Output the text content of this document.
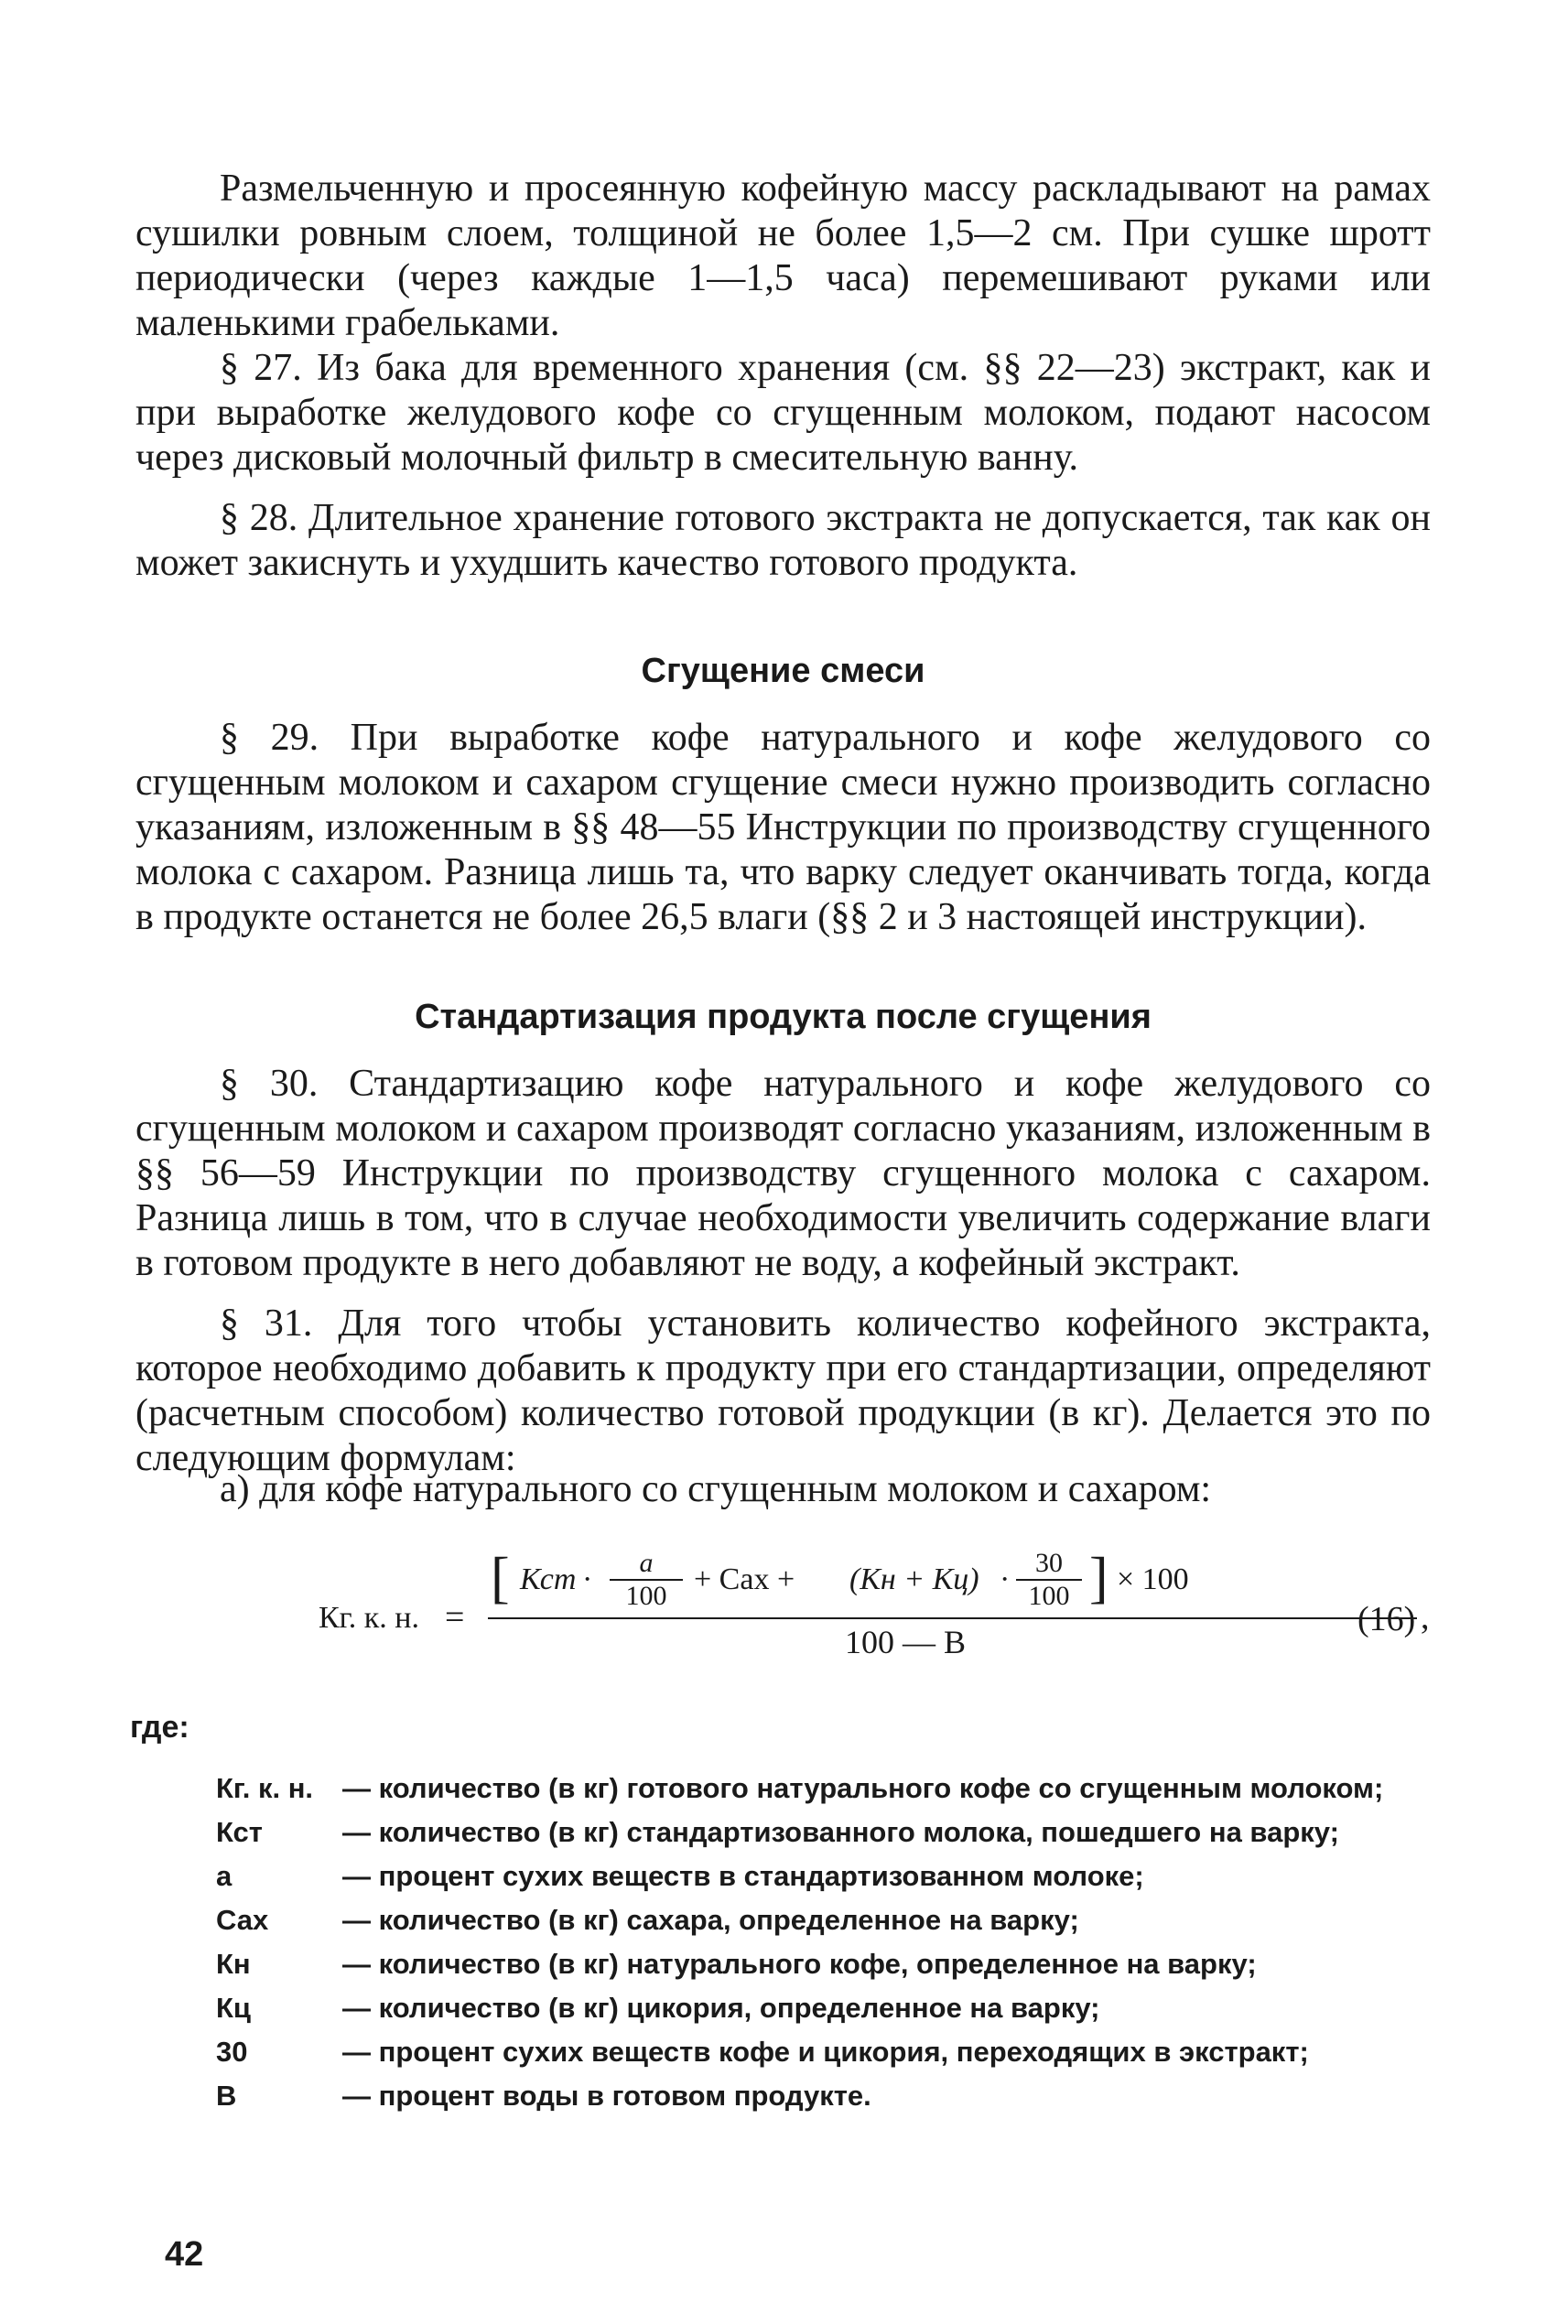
Размельченную и просеянную кофейную массу раскладывают на рамах сушилки ровным слоем, толщиной не более 1,5—2 см. При сушке шротт периодически (через каждые 1—1,5 часа) перемешивают руками или маленькими грабельками.

§ 27. Из бака для временного хранения (см. §§ 22—23) экстракт, как и при выработке желудового кофе со сгущенным молоком, подают насосом через дисковый молочный фильтр в смесительную ванну.

§ 28. Длительное хранение готового экстракта не допускается, так как он может закиснуть и ухудшить качество готового продукта.

Сгущение смеси

§ 29. При выработке кофе натурального и кофе желудового со сгущенным молоком и сахаром сгущение смеси нужно производить согласно указаниям, изложенным в §§ 48—55 Инструкции по производству сгущенного молока с сахаром. Разница лишь та, что варку следует оканчивать тогда, когда в продукте останется не более 26,5 влаги (§§ 2 и 3 настоящей инструкции).

Стандартизация продукта после сгущения

§ 30. Стандартизацию кофе натурального и кофе желудового со сгущенным молоком и сахаром производят согласно указаниям, изложенным в §§ 56—59 Инструкции по производству сгущенного молока с сахаром. Разница лишь в том, что в случае необходимости увеличить содержание влаги в готовом продукте в него добавляют не воду, а кофейный экстракт.

§ 31. Для того чтобы установить количество кофейного экстракта, которое необходимо добавить к продукту при его стандартизации, определяют (расчетным способом) количество готовой продукции (в кг). Делается это по следующим формулам:

а) для кофе натурального со сгущенным молоком и сахаром:

Кг. к. н. =
[ Кст ·	a
100 + Сах + (Кн + Кц) · 30
100 ] × 100
,
100 — В
(16)
где:
Кг. к. н.	— количество (в кг) готового натурального кофе со сгущенным молоком;
Кст	— количество (в кг) стандартизованного молока, пошедшего на варку;
а	— процент сухих веществ в стандартизованном молоке;
Сах	— количество (в кг) сахара, определенное на варку;
Кн	— количество (в кг) натурального кофе, определенное на варку;
Кц	— количество (в кг) цикория, определенное на варку;
30	— процент сухих веществ кофе и цикория, переходящих в экстракт;
В	— процент воды в готовом продукте.
42
